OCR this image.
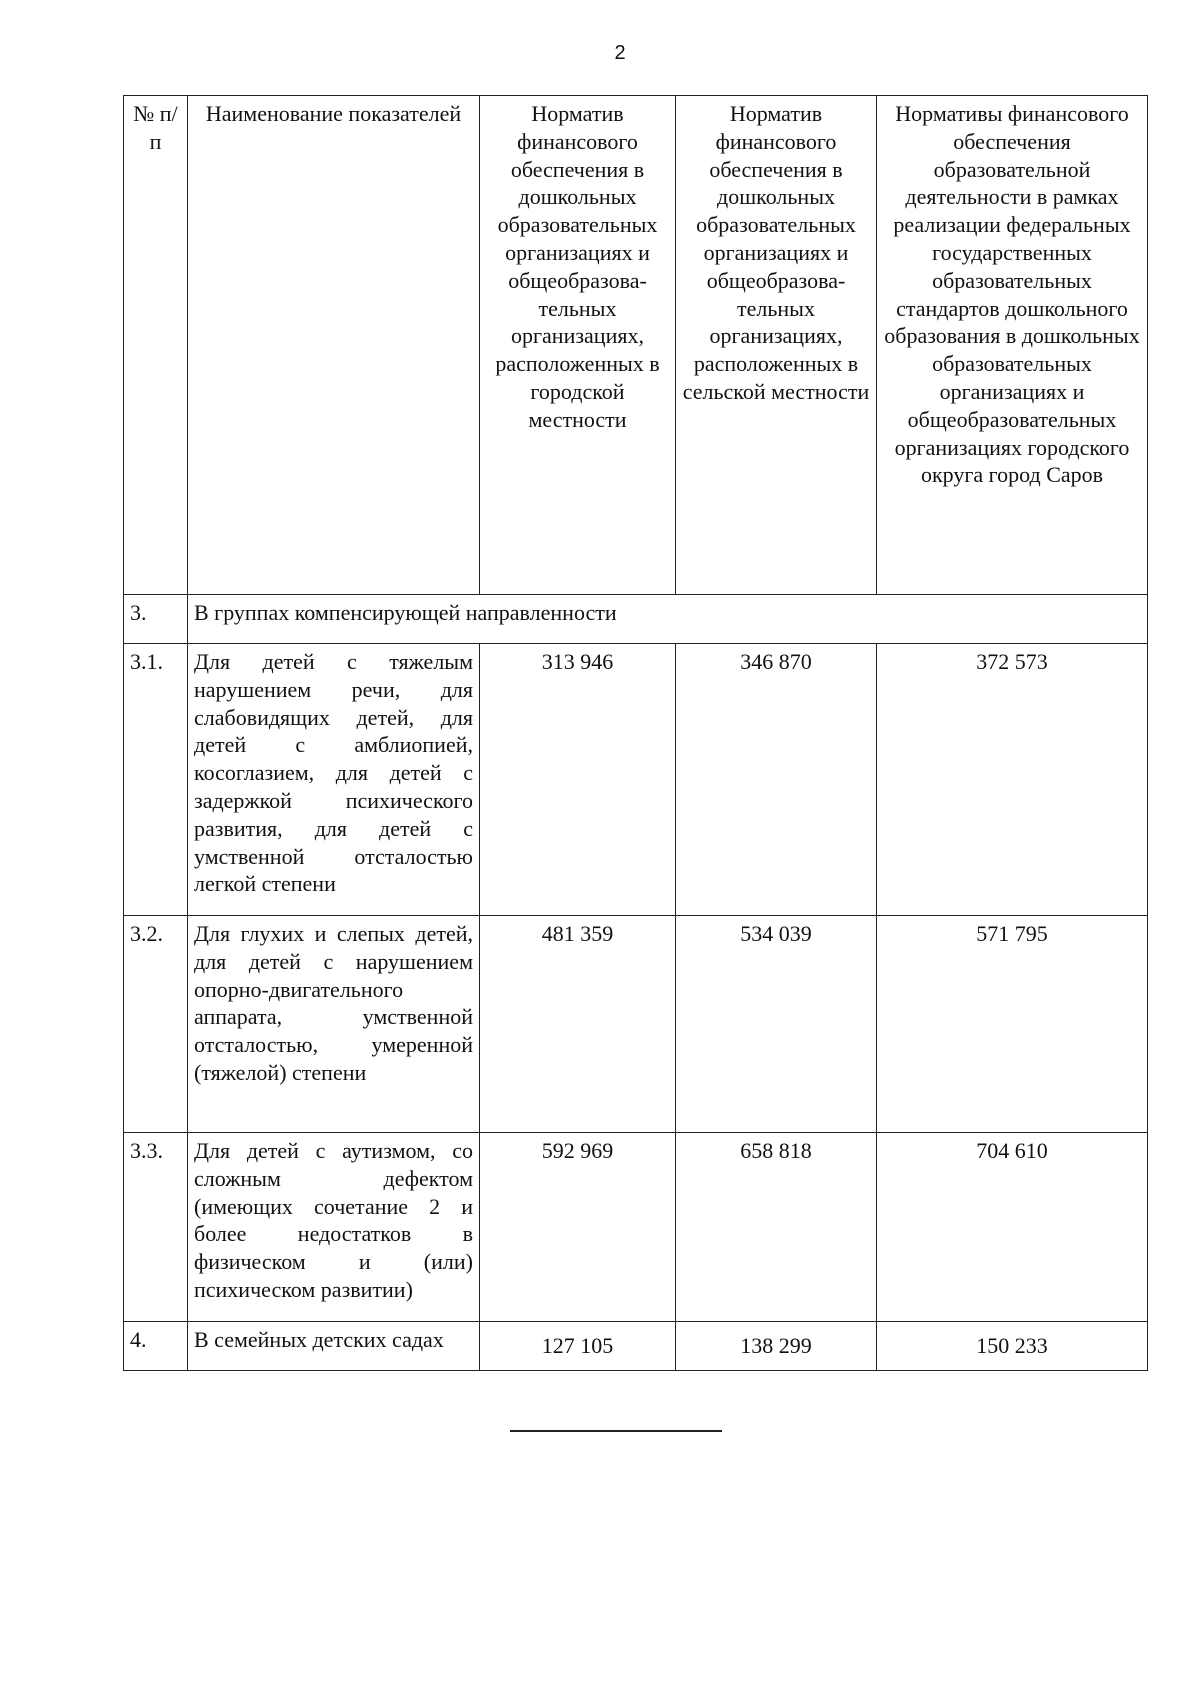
2
№ п/п	Наименование показателей	Норматив финансового обеспечения в дошкольных образовательных организациях и общеобразова-тельных организациях, расположенных в городской местности	Норматив финансового обеспечения в дошкольных образовательных организациях и общеобразова-тельных организациях, расположенных в сельской местности	Нормативы финансового обеспечения образовательной деятельности в рамках реализации федеральных государственных образовательных стандартов дошкольного образования в дошкольных образовательных организациях и общеобразовательных организациях городского округа город Саров
3.	В группах компенсирующей направленности			
3.1.	Для детей с тяжелым нарушением речи, для слабовидящих детей, для детей с амблиопией, косоглазием, для детей с задержкой психического развития, для детей с умственной отсталостью легкой степени	313 946	346 870	372 573
3.2.	Для глухих и слепых детей, для детей с нарушением опорно-двигательного аппарата, умственной отсталостью, умеренной (тяжелой) степени	481 359	534 039	571 795
3.3.	Для детей с аутизмом, со сложным дефектом (имеющих сочетание 2 и более недостатков в физическом и (или) психическом развитии)	592 969	658 818	704 610
4.	В семейных детских садах	127 105	138 299	150 233
